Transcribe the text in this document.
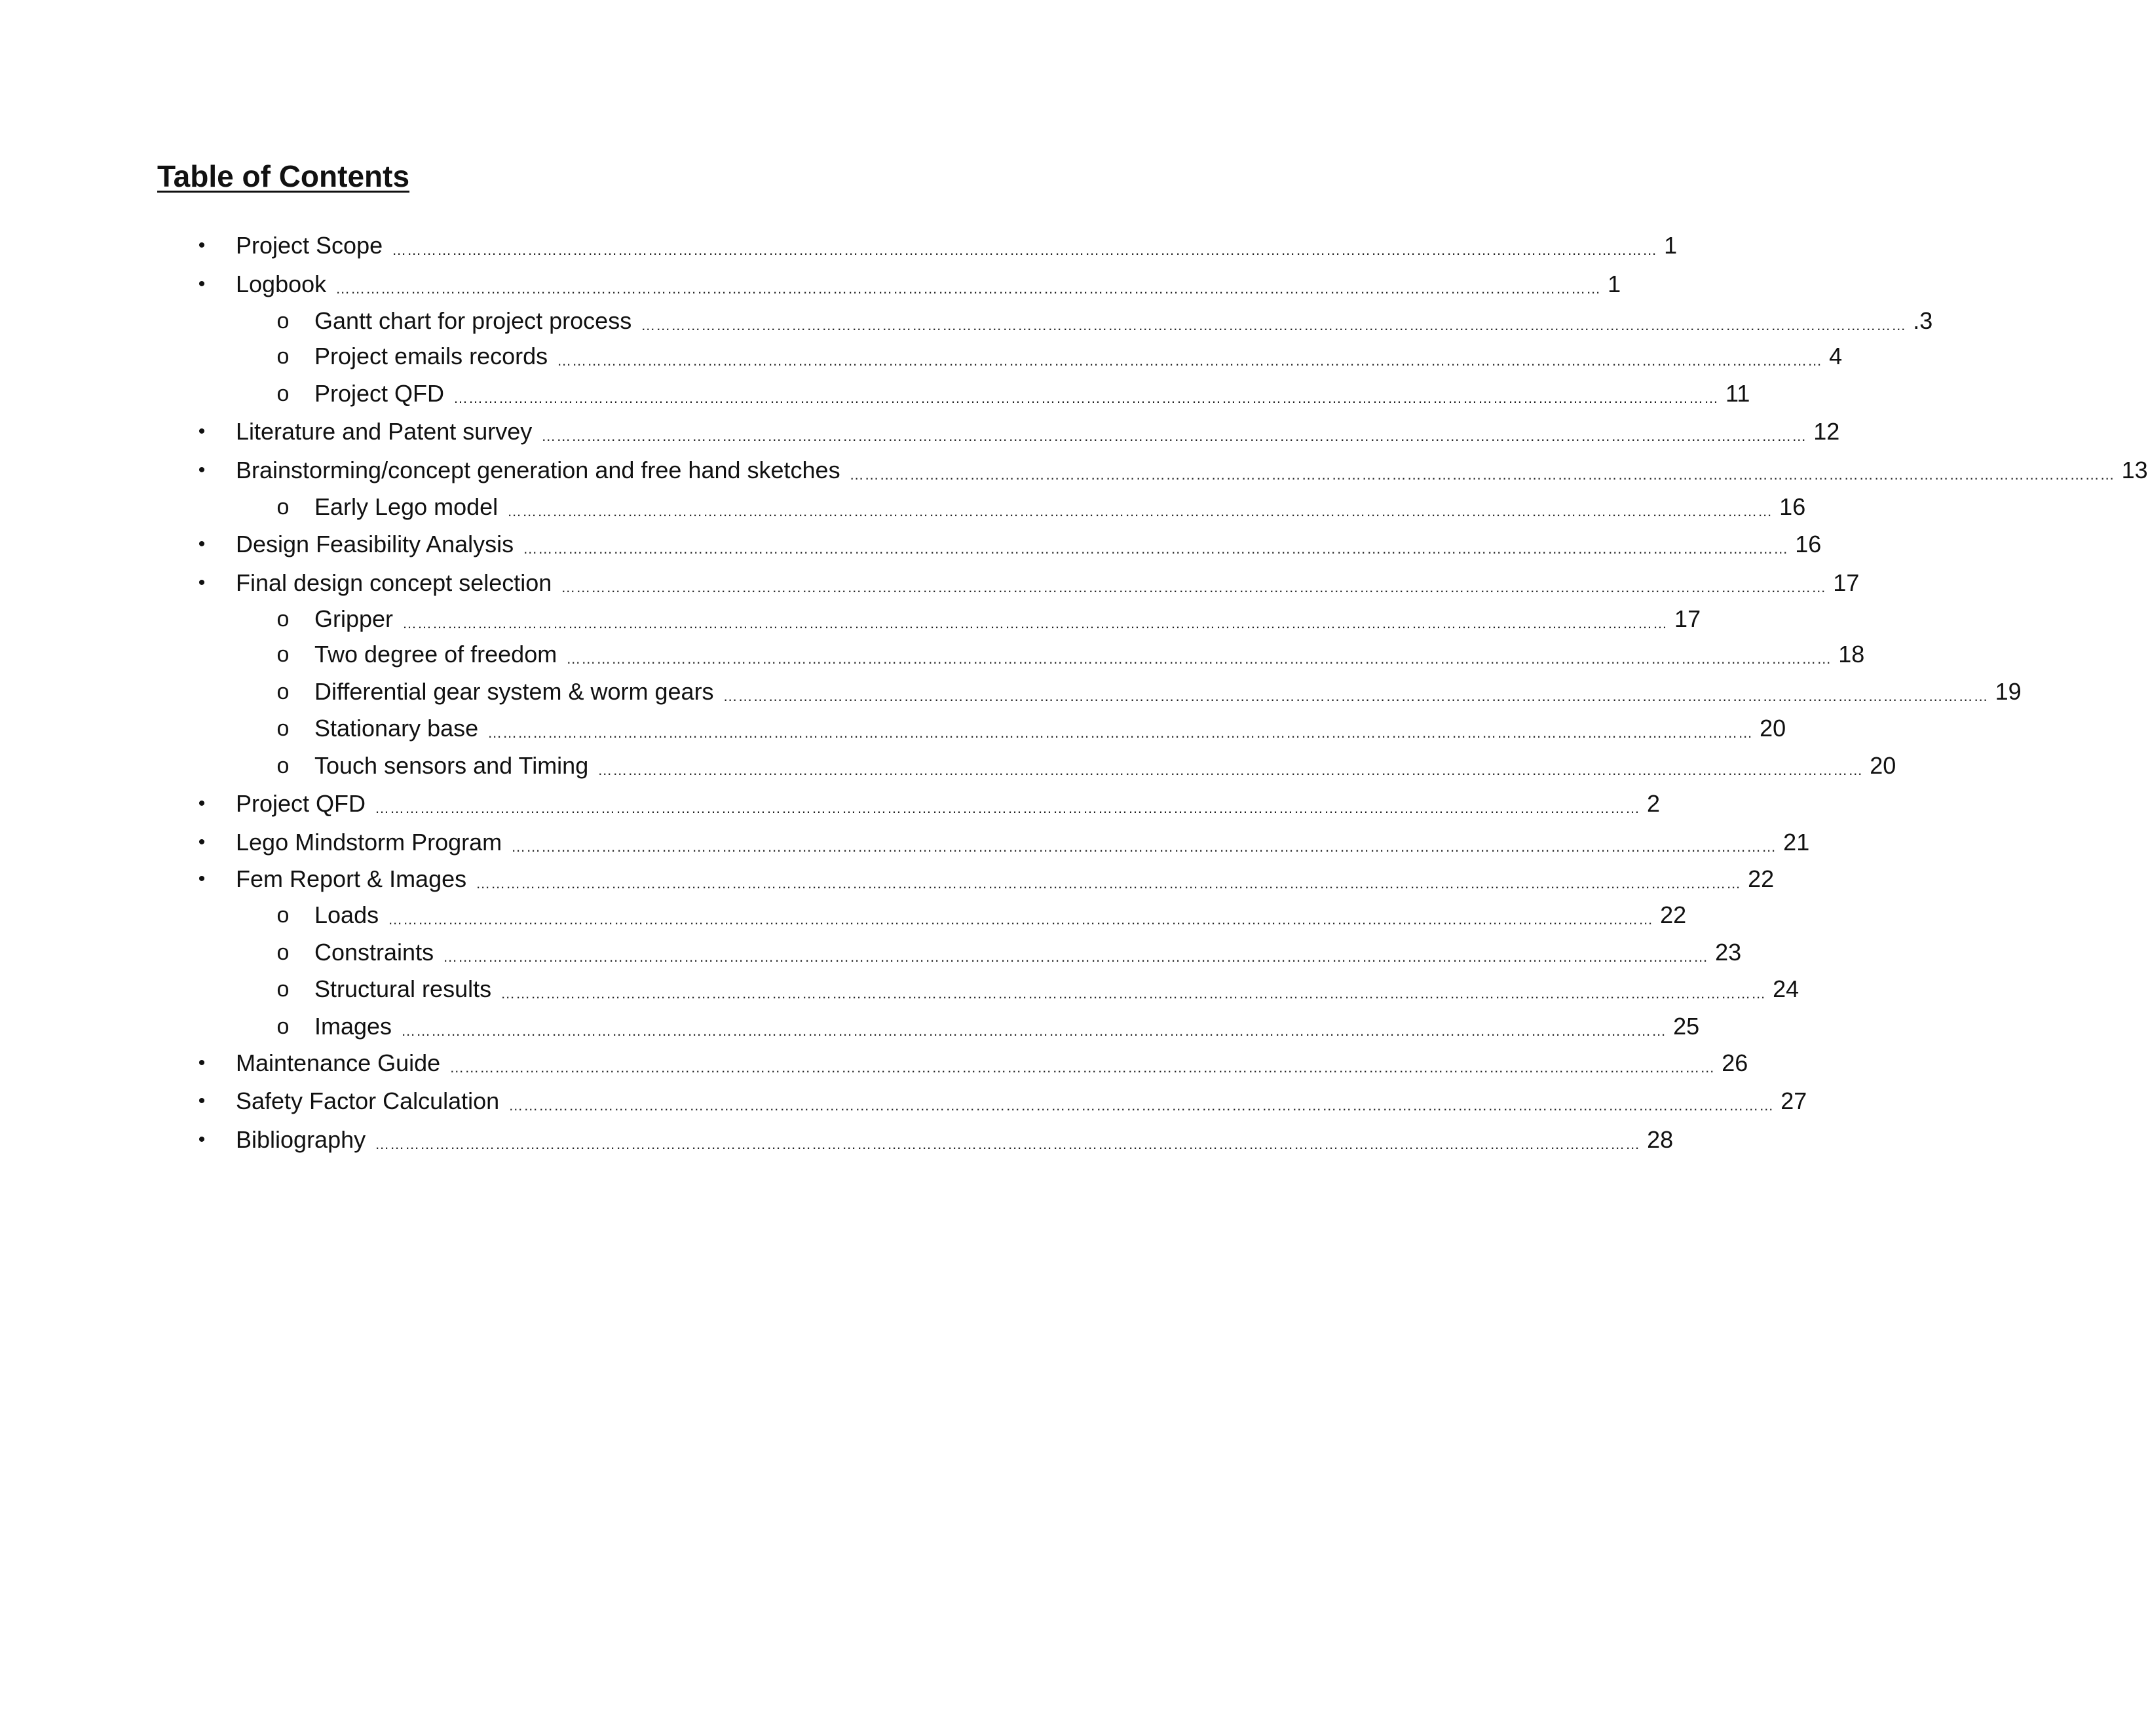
Table of Contents
• Project Scope ……………………………………………………………………………………………………………………………………………………………………………………………………………………………… 1
• Logbook ……………………………………………………………………………………………………………………………………………………………………………………………………………………………… 1
o Gantt chart for project process ……………………………………………………………………………………………………………………………………………………………………………………………………………………………… .3
o Project emails records ……………………………………………………………………………………………………………………………………………………………………………………………………………………………… 4
o Project QFD ……………………………………………………………………………………………………………………………………………………………………………………………………………………………… 11
• Literature and Patent survey ……………………………………………………………………………………………………………………………………………………………………………………………………………………………… 12
• Brainstorming/concept generation and free hand sketches ……………………………………………………………………………………………………………………………………………………………………………………………………………………………… 13
o Early Lego model ……………………………………………………………………………………………………………………………………………………………………………………………………………………………… 16
• Design Feasibility Analysis ……………………………………………………………………………………………………………………………………………………………………………………………………………………………… 16
• Final design concept selection ……………………………………………………………………………………………………………………………………………………………………………………………………………………………… 17
o Gripper ……………………………………………………………………………………………………………………………………………………………………………………………………………………………… 17
o Two degree of freedom ……………………………………………………………………………………………………………………………………………………………………………………………………………………………… 18
o Differential gear system & worm gears ……………………………………………………………………………………………………………………………………………………………………………………………………………………………… 19
o Stationary base ……………………………………………………………………………………………………………………………………………………………………………………………………………………………… 20
o Touch sensors and Timing ……………………………………………………………………………………………………………………………………………………………………………………………………………………………… 20
• Project QFD ……………………………………………………………………………………………………………………………………………………………………………………………………………………………… 2
• Lego Mindstorm Program ……………………………………………………………………………………………………………………………………………………………………………………………………………………………… 21
• Fem Report & Images ……………………………………………………………………………………………………………………………………………………………………………………………………………………………… 22
o Loads ……………………………………………………………………………………………………………………………………………………………………………………………………………………………… 22
o Constraints ……………………………………………………………………………………………………………………………………………………………………………………………………………………………… 23
o Structural results ……………………………………………………………………………………………………………………………………………………………………………………………………………………………… 24
o Images ……………………………………………………………………………………………………………………………………………………………………………………………………………………………… 25
• Maintenance Guide ……………………………………………………………………………………………………………………………………………………………………………………………………………………………… 26
• Safety Factor Calculation ……………………………………………………………………………………………………………………………………………………………………………………………………………………………… 27
• Bibliography ……………………………………………………………………………………………………………………………………………………………………………………………………………………………… 28
